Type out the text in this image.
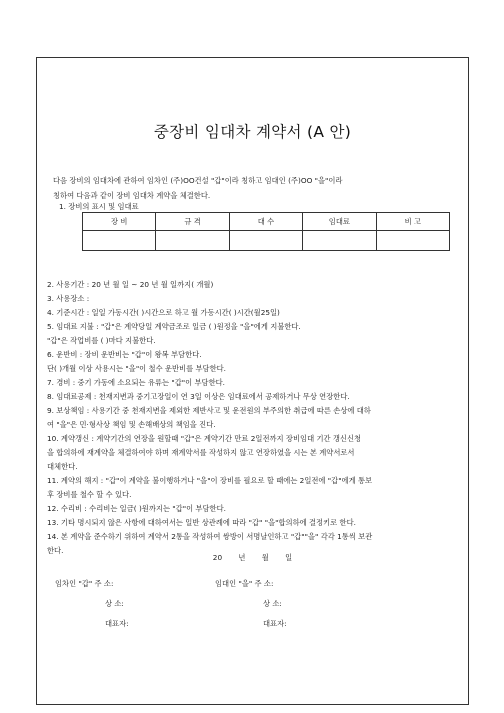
중장비 임대차 계약서 (A 안)
다음 장비의 임대차에 관하여 임차인 (주)OO건설 "갑"이라 칭하고 임대인 (주)OO "을"이라
칭하여 다음과 같이 장비 임대차 계약을 체결한다.
1. 장비의 표시 및 임대료
장 비	규 격	대 수	임대료	비 고

2. 사용기간 : 20 년 월 일 ~ 20 년 월 일까지( 개월)
3. 사용장소 :
4. 기준시간 : 일일 가동시간( )시간으로 하고 월 가동시간( )시간(월25일)
5. 임대료 지불 : "갑"은 계약당일 계약금조로 일금 ( )원정을 "을"에게 지불한다.
"갑"은 작업비를 ( )마다 지불한다.
6. 운반비 : 장비 운반비는 "갑"이 왕복 부담한다.
단( )개월 이상 사용시는 "을"이 철수 운반비를 부담한다.
7. 경비 : 중기 가동에 소요되는 유류는 "갑"이 부담한다.
8. 임대료공제 : 천재지변과 중기고장일이 연 3일 이상은 임대료에서 공제하거나 무상 연장한다.
9. 보상책임 : 사용기간 중 천재지변을 제외한 제반사고 및 운전원의 부주의한 취급에 따른 손상에 대하
여 "을"은 민·형사상 책임 및 손해배상의 책임을 진다.
10. 계약갱신 : 계약기간의 연장을 원할때 "갑"은 계약기간 만료 2일전까지 장비임대 기간 갱신신청
을 합의하에 재계약을 체결하여야 하며 재계약서를 작성하지 않고 연장하였을 시는 본 계약서로서
대체한다.
11. 계약의 해지 : "갑"이 계약을 불이행하거나 "을"이 장비를 필요로 할 때에는 2일전에 "갑"에게 통보
후 장비를 철수 할 수 있다.
12. 수리비 : 수리비는 일금( )원까지는 "갑"이 부담한다.
13. 기타 명시되지 않은 사항에 대하여서는 일반 상관례에 따라 "갑" "을"합의하에 결정키로 한다.
14. 본 계약을 준수하기 위하여 계약서 2통을 작성하여 쌍방이 서명날인하고 "갑""을" 각각 1통씩 보관
한다.
20 년 월 일
임차인 "갑" 주 소:
상 소:
대표자:
임대인 "을" 주 소:
상 소:
대표자:
